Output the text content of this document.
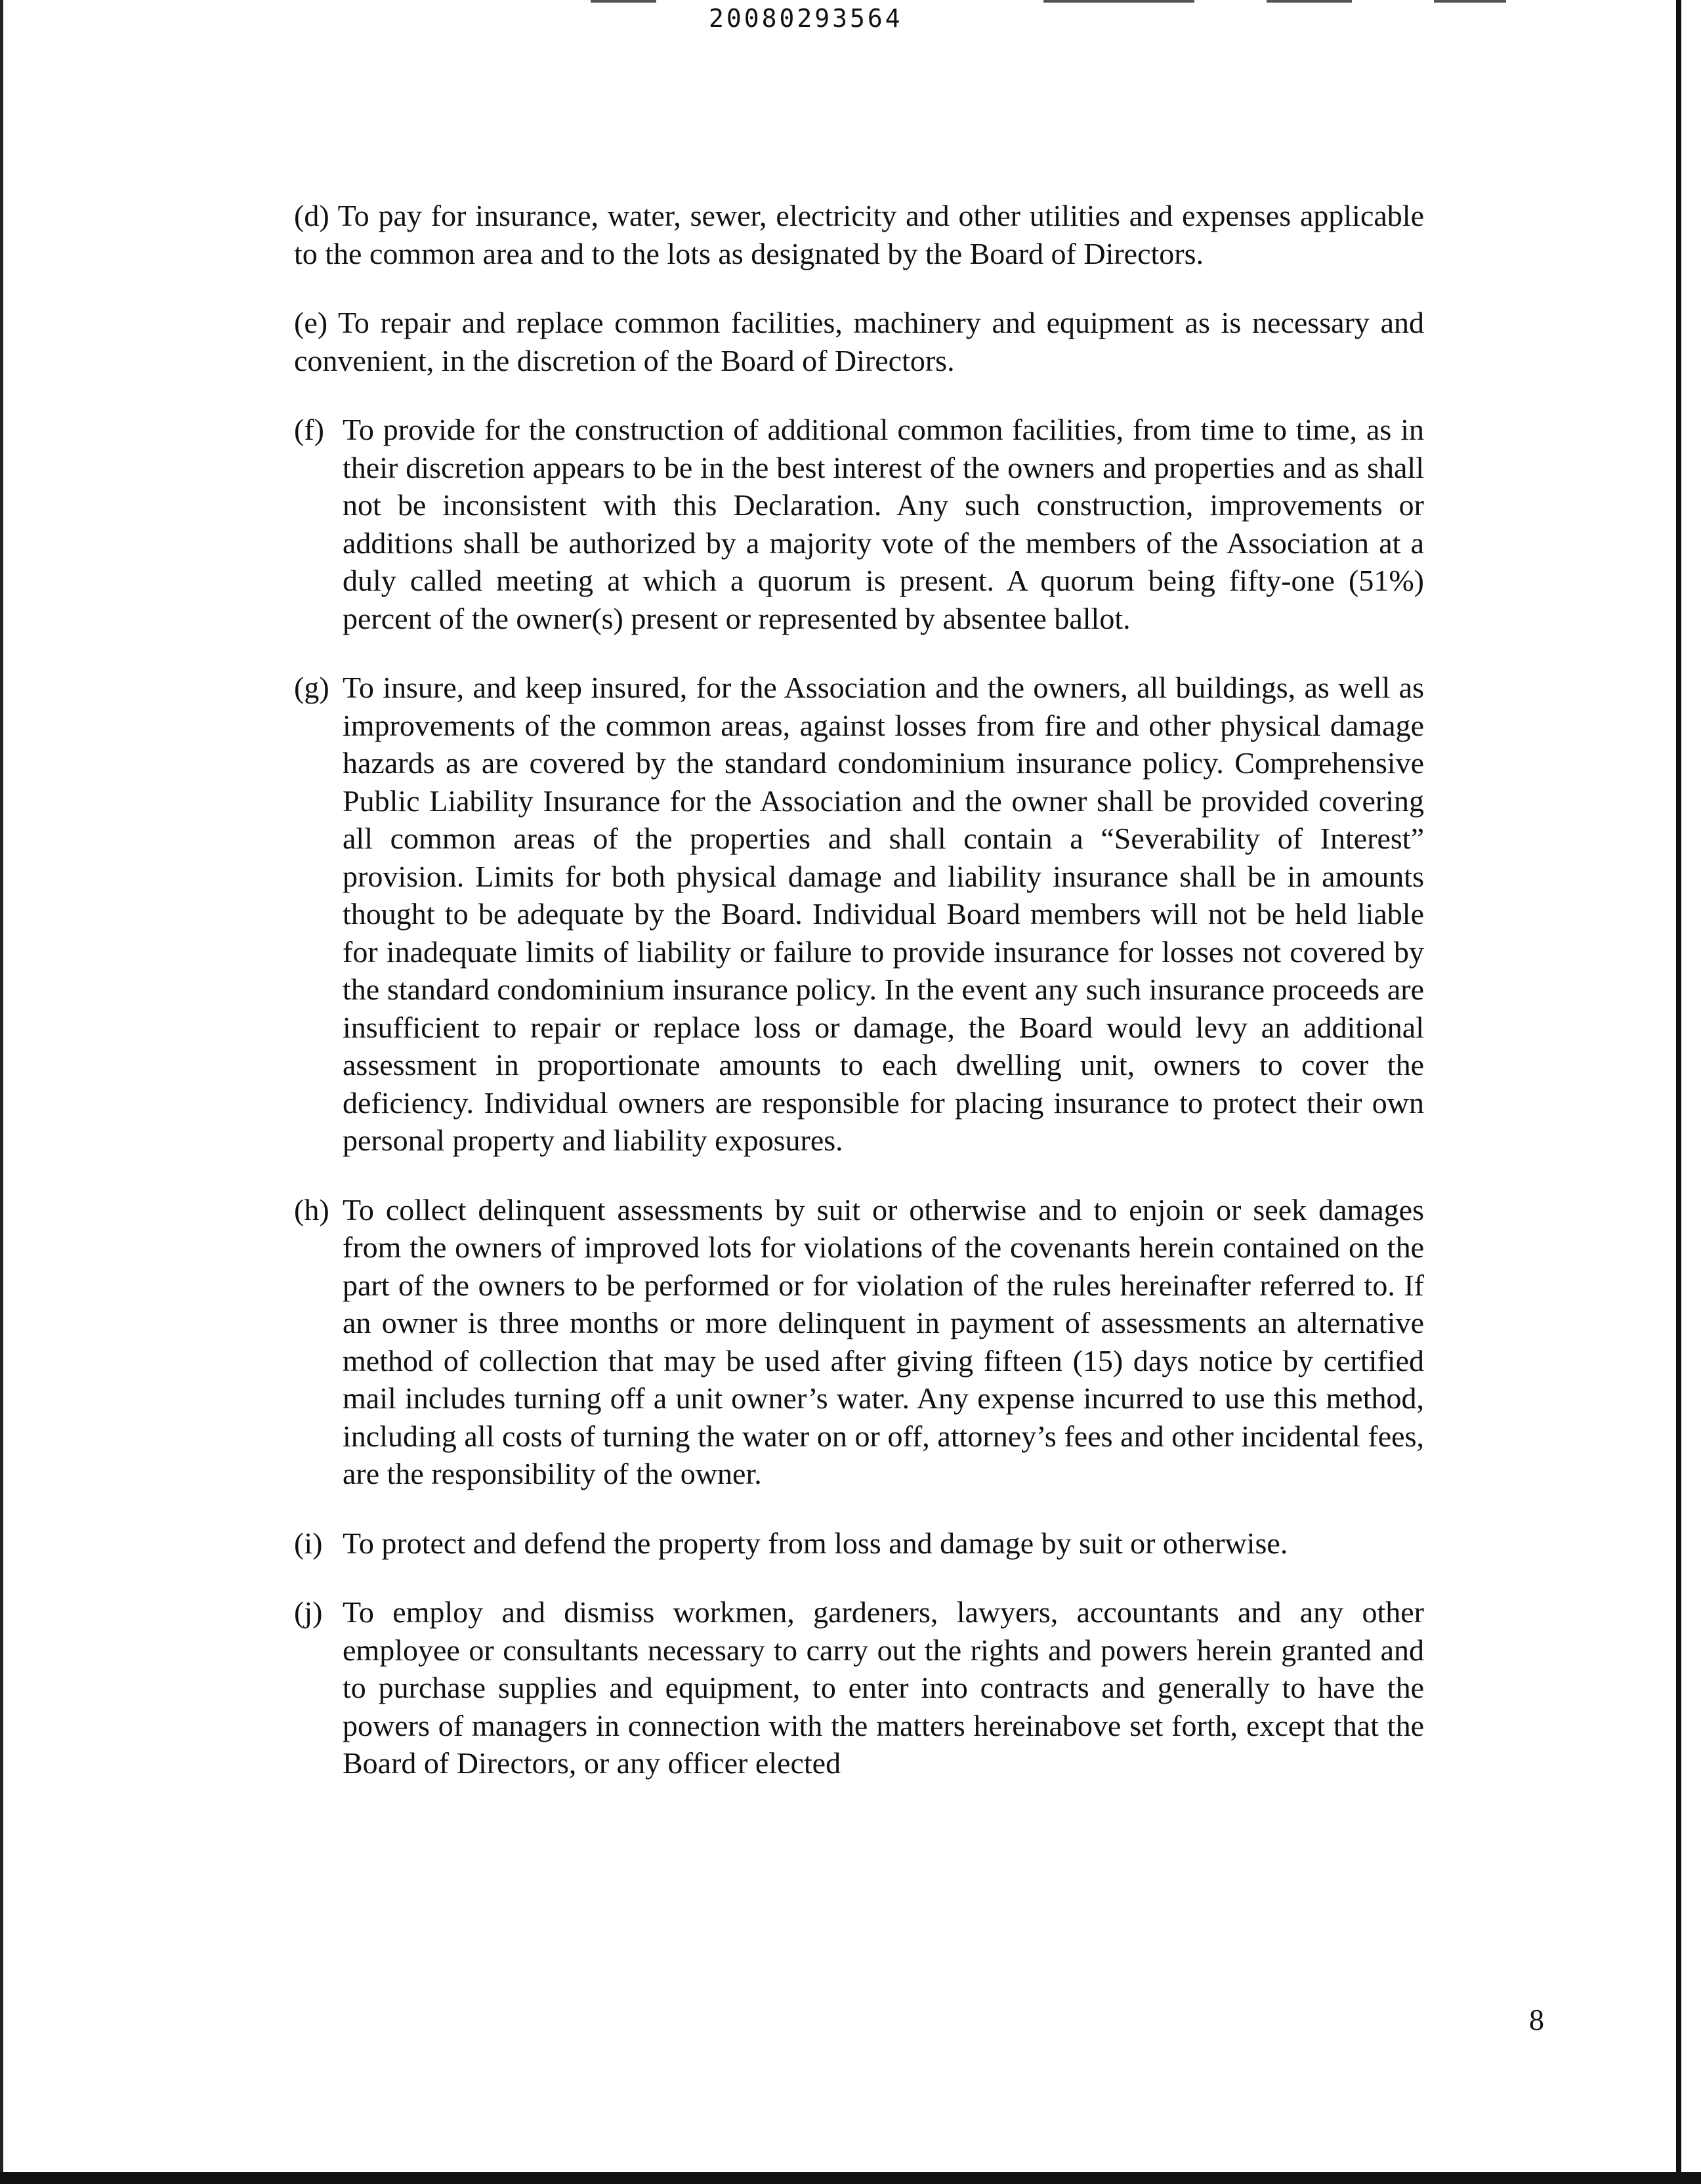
20080293564

(d) To pay for insurance, water, sewer, electricity and other utilities and expenses applicable to the common area and to the lots as designated by the Board of Directors.

(e) To repair and replace common facilities, machinery and equipment as is necessary and convenient, in the discretion of the Board of Directors.

(f) To provide for the construction of additional common facilities, from time to time, as in their discretion appears to be in the best interest of the owners and properties and as shall not be inconsistent with this Declaration. Any such construction, improvements or additions shall be authorized by a majority vote of the members of the Association at a duly called meeting at which a quorum is present. A quorum being fifty-one (51%) percent of the owner(s) present or represented by absentee ballot.

(g) To insure, and keep insured, for the Association and the owners, all buildings, as well as improvements of the common areas, against losses from fire and other physical damage hazards as are covered by the standard condominium insurance policy. Comprehensive Public Liability Insurance for the Association and the owner shall be provided covering all common areas of the properties and shall contain a “Severability of Interest” provision. Limits for both physical damage and liability insurance shall be in amounts thought to be adequate by the Board. Individual Board members will not be held liable for inadequate limits of liability or failure to provide insurance for losses not covered by the standard condominium insurance policy. In the event any such insurance proceeds are insufficient to repair or replace loss or damage, the Board would levy an additional assessment in proportionate amounts to each dwelling unit, owners to cover the deficiency. Individual owners are responsible for placing insurance to protect their own personal property and liability exposures.

(h) To collect delinquent assessments by suit or otherwise and to enjoin or seek damages from the owners of improved lots for violations of the covenants herein contained on the part of the owners to be performed or for violation of the rules hereinafter referred to. If an owner is three months or more delinquent in payment of assessments an alternative method of collection that may be used after giving fifteen (15) days notice by certified mail includes turning off a unit owner’s water. Any expense incurred to use this method, including all costs of turning the water on or off, attorney’s fees and other incidental fees, are the responsibility of the owner.

(i) To protect and defend the property from loss and damage by suit or otherwise.

(j) To employ and dismiss workmen, gardeners, lawyers, accountants and any other employee or consultants necessary to carry out the rights and powers herein granted and to purchase supplies and equipment, to enter into contracts and generally to have the powers of managers in connection with the matters hereinabove set forth, except that the Board of Directors, or any officer elected

8
